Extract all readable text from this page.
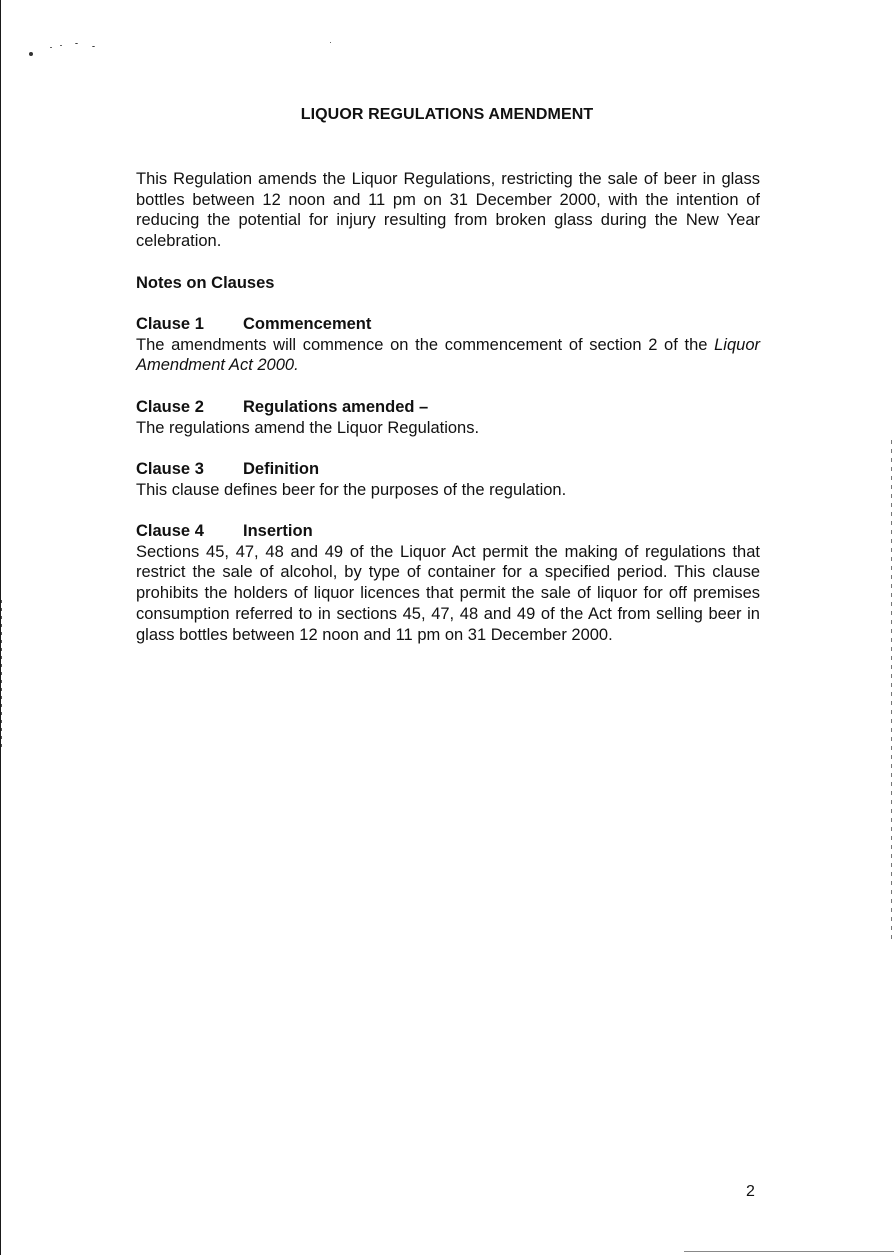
LIQUOR REGULATIONS AMENDMENT

This Regulation amends the Liquor Regulations, restricting the sale of beer in glass bottles between 12 noon and 11 pm on 31 December 2000, with the intention of reducing the potential for injury resulting from broken glass during the New Year celebration.

Notes on Clauses

Clause 1 Commencement

The amendments will commence on the commencement of section 2 of the Liquor Amendment Act 2000.

Clause 2 Regulations amended –

The regulations amend the Liquor Regulations.

Clause 3 Definition

This clause defines beer for the purposes of the regulation.

Clause 4 Insertion

Sections 45, 47, 48 and 49 of the Liquor Act permit the making of regulations that restrict the sale of alcohol, by type of container for a specified period. This clause prohibits the holders of liquor licences that permit the sale of liquor for off premises consumption referred to in sections 45, 47, 48 and 49 of the Act from selling beer in glass bottles between 12 noon and 11 pm on 31 December 2000.

2
